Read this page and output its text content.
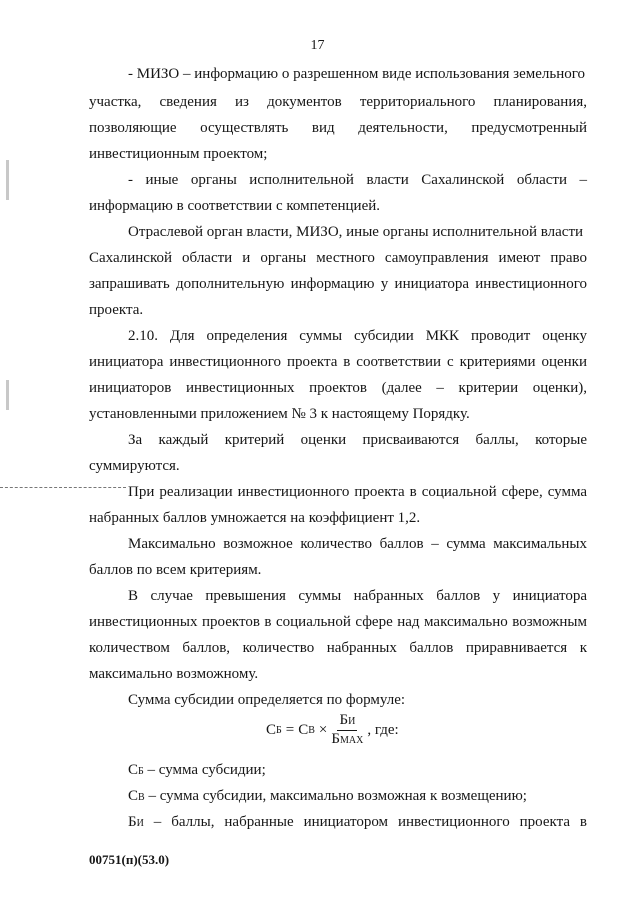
17
- МИЗО – информацию о разрешенном виде использования земельного
участка, сведения из документов территориального планирования,
позволяющие осуществлять вид деятельности, предусмотренный
инвестиционным проектом;
- иные органы исполнительной власти Сахалинской области –
информацию в соответствии с компетенцией.
Отраслевой орган власти, МИЗО, иные органы исполнительной власти
Сахалинской области и органы местного самоуправления имеют право
запрашивать дополнительную информацию у инициатора инвестиционного
проекта.
2.10. Для определения суммы субсидии МКК проводит оценку
инициатора инвестиционного проекта в соответствии с критериями оценки
инициаторов инвестиционных проектов (далее – критерии оценки),
установленными приложением № 3 к настоящему Порядку.
За каждый критерий оценки присваиваются баллы, которые
суммируются.
При реализации инвестиционного проекта в социальной сфере, сумма
набранных баллов умножается на коэффициент 1,2.
Максимально возможное количество баллов – сумма максимальных
баллов по всем критериям.
В случае превышения суммы набранных баллов у инициатора
инвестиционных проектов в социальной сфере над максимально возможным
количеством баллов, количество набранных баллов приравнивается к
максимально возможному.
Сумма субсидии определяется по формуле:
С Б = С $В \times \frac{БИ}{\text{БMAX}}$ , где:
СБ – сумма субсидии;
СВ – сумма субсидии, максимально возможная к возмещению;
БИ – баллы, набранные инициатором инвестиционного проекта в
00751(п)(53.0)
